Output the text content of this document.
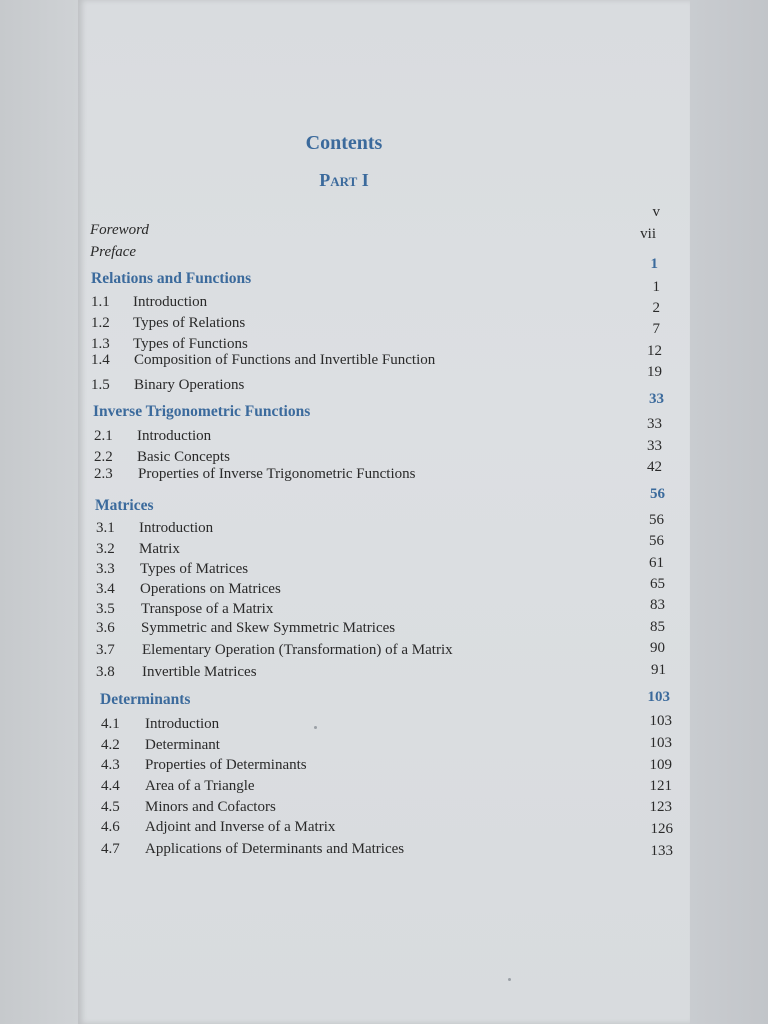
Contents
Part I
Foreword
Preface
v
vii
Relations and Functions
1
1.1 Introduction
1.2 Types of Relations
1.3 Types of Functions
1.4 Composition of Functions and Invertible Function
1.5 Binary Operations
1
2
7
12
19
Inverse Trigonometric Functions
33
2.1 Introduction
2.2 Basic Concepts
2.3 Properties of Inverse Trigonometric Functions
33
33
42
Matrices
56
3.1 Introduction
3.2 Matrix
3.3 Types of Matrices
3.4 Operations on Matrices
3.5 Transpose of a Matrix
3.6 Symmetric and Skew Symmetric Matrices
3.7 Elementary Operation (Transformation) of a Matrix
3.8 Invertible Matrices
56
56
61
65
83
85
90
91
Determinants	103
4.1 Introduction
4.2 Determinant
4.3 Properties of Determinants
4.4 Area of a Triangle
4.5 Minors and Cofactors
4.6 Adjoint and Inverse of a Matrix
4.7 Applications of Determinants and Matrices
103
103
109
121
123
126
133
